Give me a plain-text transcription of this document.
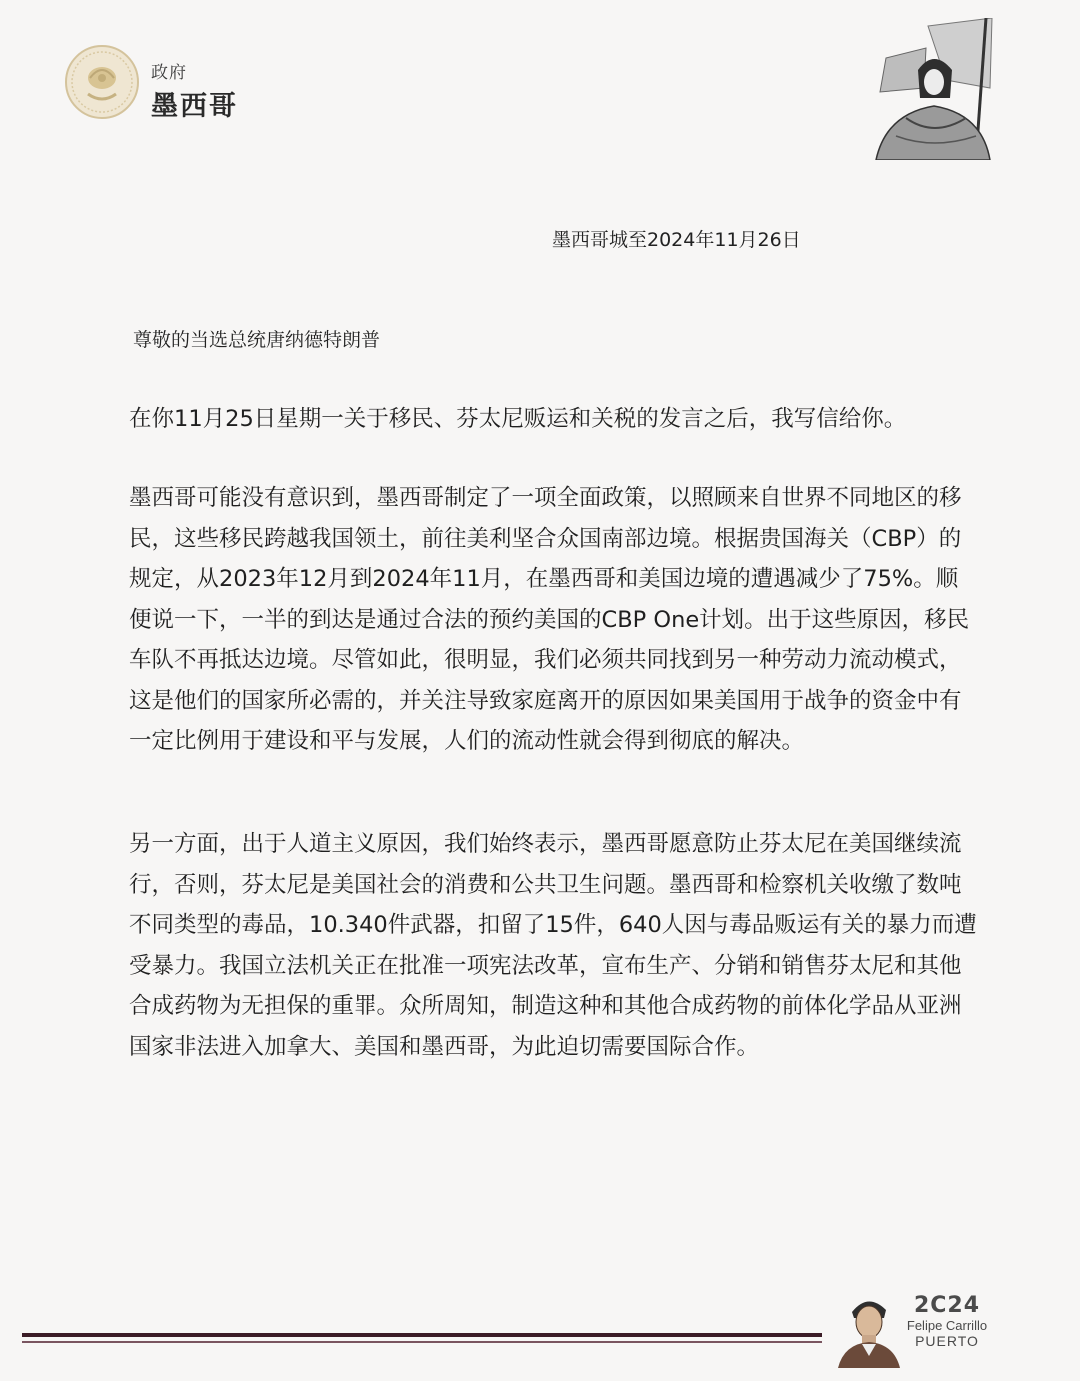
政府
墨西哥
墨西哥城至2024年11月26日
尊敬的当选总统唐纳德特朗普

在你11月25日星期一关于移民、芬太尼贩运和关税的发言之后，我写信给你。

墨西哥可能没有意识到，墨西哥制定了一项全面政策，以照顾来自世界不同地区的移民，这些移民跨越我国领土，前往美利坚合众国南部边境。根据贵国海关（CBP）的规定，从2023年12月到2024年11月，在墨西哥和美国边境的遭遇减少了75%。顺便说一下，一半的到达是通过合法的预约美国的CBP One计划。出于这些原因，移民车队不再抵达边境。尽管如此，很明显，我们必须共同找到另一种劳动力流动模式，这是他们的国家所必需的，并关注导致家庭离开的原因如果美国用于战争的资金中有一定比例用于建设和平与发展，人们的流动性就会得到彻底的解决。

另一方面，出于人道主义原因，我们始终表示，墨西哥愿意防止芬太尼在美国继续流行，否则，芬太尼是美国社会的消费和公共卫生问题。墨西哥和检察机关收缴了数吨不同类型的毒品，10.340件武器，扣留了15件，640人因与毒品贩运有关的暴力而遭受暴力。我国立法机关正在批准一项宪法改革，宣布生产、分销和销售芬太尼和其他合成药物为无担保的重罪。众所周知，制造这种和其他合成药物的前体化学品从亚洲国家非法进入加拿大、美国和墨西哥，为此迫切需要国际合作。

2C24
Felipe Carrillo
PUERTO
